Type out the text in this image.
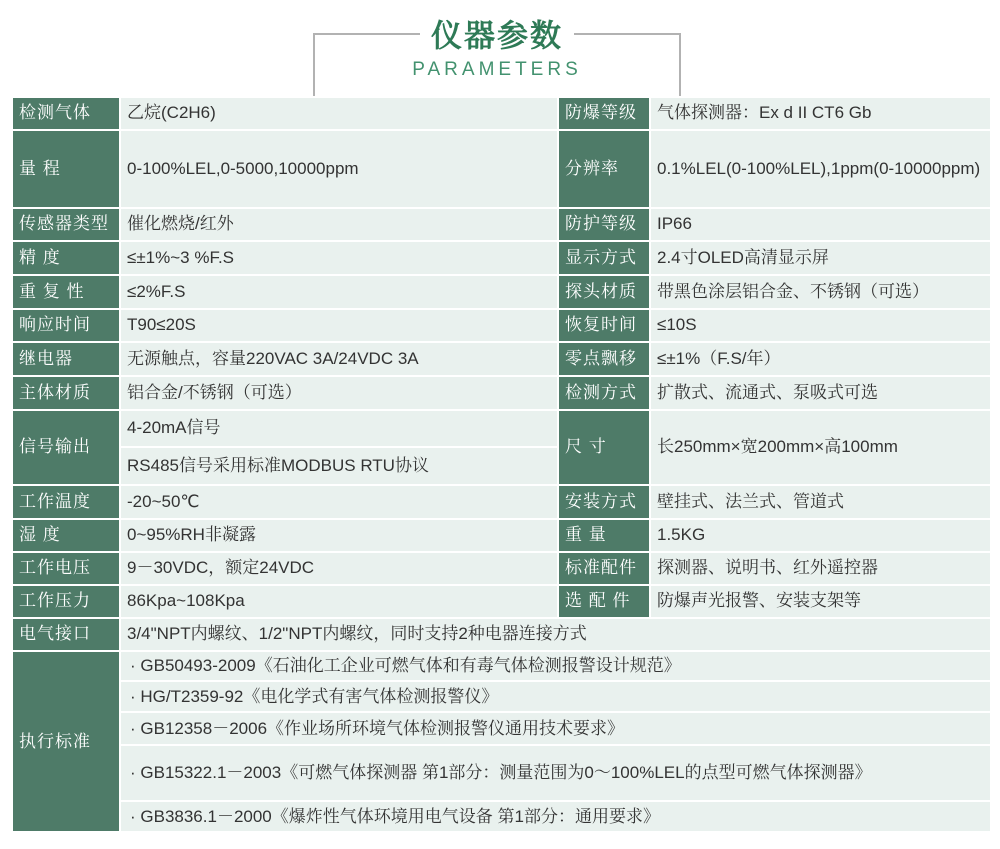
仪器参数
PARAMETERS
检测气体	乙烷(C2H6)	防爆等级	气体探测器：Ex d II CT6 Gb
量 程	0-100%LEL,0-5000,10000ppm	分辨率	0.1%LEL(0-100%LEL),1ppm(0-10000ppm)
传感器类型	催化燃烧/红外	防护等级	IP66
精 度	≤±1%~3 %F.S	显示方式	2.4寸OLED高清显示屏
重 复 性	≤2%F.S	探头材质	带黑色涂层铝合金、不锈钢（可选）
响应时间	T90≤20S	恢复时间	≤10S
继电器	无源触点，容量220VAC 3A/24VDC 3A	零点飘移	≤±1%（F.S/年）
主体材质	铝合金/不锈钢（可选）	检测方式	扩散式、流通式、泵吸式可选
信号输出	4-20mA信号	尺 寸	长250mm×宽200mm×高100mm
	RS485信号采用标准MODBUS RTU协议		
工作温度	-20~50℃	安装方式	壁挂式、法兰式、管道式
湿 度	0~95%RH非凝露	重 量	1.5KG
工作电压	9－30VDC，额定24VDC	标准配件	探测器、说明书、红外遥控器
工作压力	86Kpa~108Kpa	选 配 件	防爆声光报警、安装支架等
电气接口	3/4"NPT内螺纹、1/2"NPT内螺纹，同时支持2种电器连接方式		
执行标准	· GB50493-2009《石油化工企业可燃气体和有毒气体检测报警设计规范》		
	· HG/T2359-92《电化学式有害气体检测报警仪》		
	· GB12358－2006《作业场所环境气体检测报警仪通用技术要求》		
	· GB15322.1－2003《可燃气体探测器 第1部分：测量范围为0～100%LEL的点型可燃气体探测器》		
	· GB3836.1－2000《爆炸性气体环境用电气设备 第1部分：通用要求》		
